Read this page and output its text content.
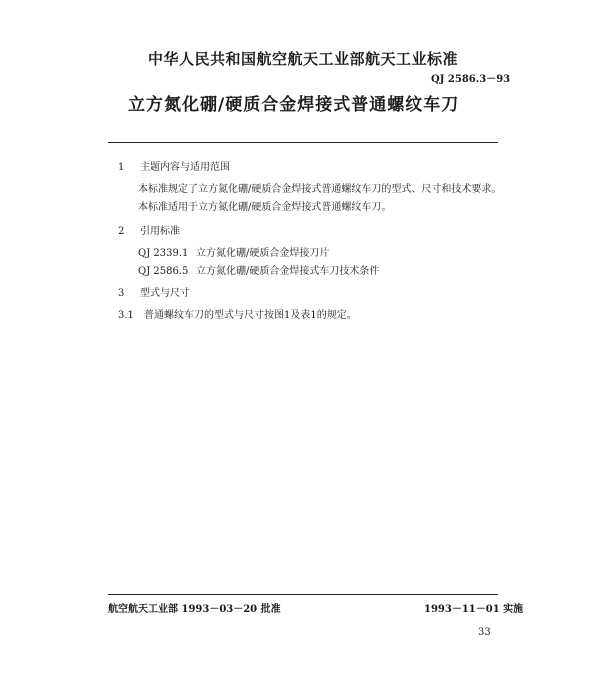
中华人民共和国航空航天工业部航天工业标准
QJ 2586.3－93
立方氮化硼/硬质合金焊接式普通螺纹车刀
1 主题内容与适用范围
本标准规定了立方氮化硼/硬质合金焊接式普通螺纹车刀的型式、尺寸和技术要求。
本标准适用于立方氮化硼/硬质合金焊接式普通螺纹车刀。
2 引用标准
QJ 2339.1 立方氮化硼/硬质合金焊接刀片
QJ 2586.5 立方氮化硼/硬质合金焊接式车刀技术条件
3 型式与尺寸
3.1 普通螺纹车刀的型式与尺寸按图1及表1的规定。
航空航天工业部 1993－03－20 批准	1993－11－01 实施
33
